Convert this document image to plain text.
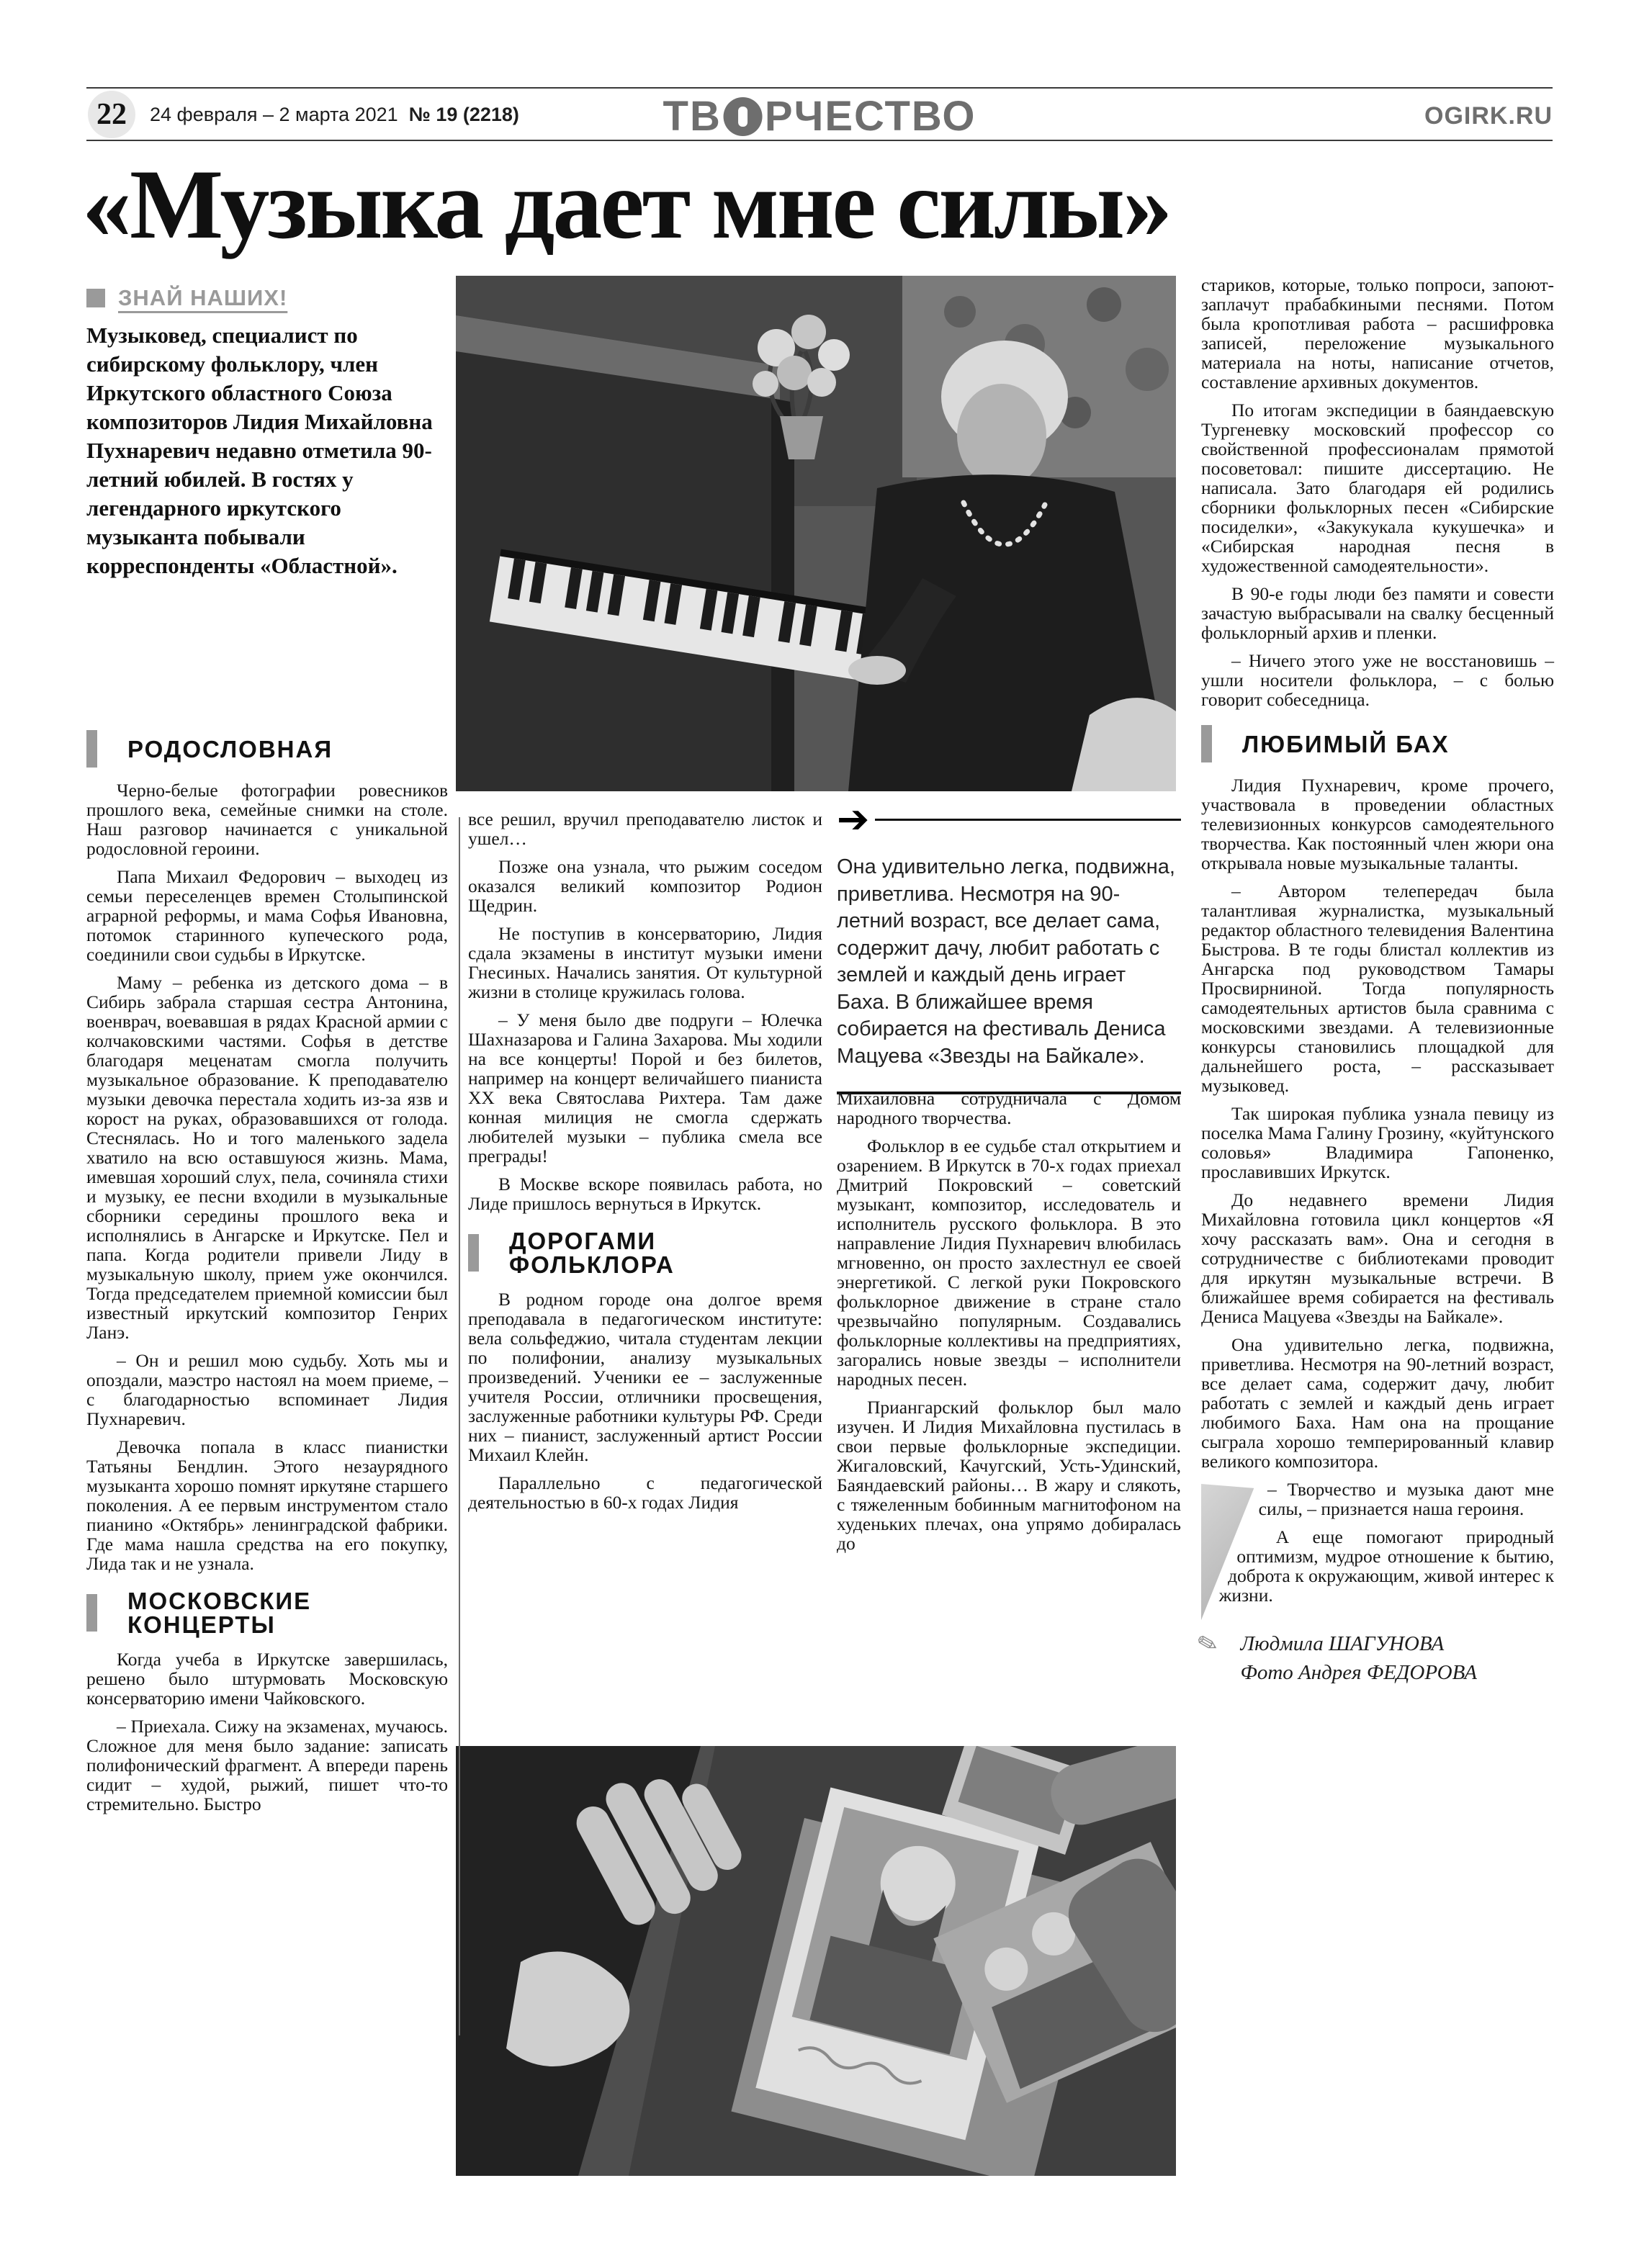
22 24 февраля – 2 марта 2021 № 19 (2218)	ТВ РЧЕСТВО	OGIRK.RU
«Музыка дает мне силы»
ЗНАЙ НАШИХ!
Музыковед, специалист по сибирскому фольклору, член Иркутского областного Союза композиторов Лидия Михайловна Пухнаревич недавно отметила 90-летний юбилей. В гостях у легендарного иркутского музыканта побывали корреспонденты «Областной».
➔
Она удивительно легка, подвижна, приветлива. Несмотря на 90-летний возраст, все делает сама, содержит дачу, любит работать с землей и каждый день играет Баха. В ближайшее время собирается на фестиваль Дениса Мацуева «Звезды на Байкале».
РОДОСЛОВНАЯ

Черно-белые фотографии ровесников прошлого века, семейные снимки на столе. Наш разговор начинается с уникальной родословной героини.

Папа Михаил Федорович – выходец из семьи переселенцев времен Столыпинской аграрной реформы, и мама Софья Ивановна, потомок старинного купеческого рода, соединили свои судьбы в Иркутске.

Маму – ребенка из детского дома – в Сибирь забрала старшая сестра Антонина, военврач, воевавшая в рядах Красной армии с колчаковскими частями. Софья в детстве благодаря меценатам смогла получить музыкальное образование. К преподавателю музыки девочка перестала ходить из-за язв и корост на руках, образовавшихся от голода. Стеснялась. Но и того маленького задела хватило на всю оставшуюся жизнь. Мама, имевшая хороший слух, пела, сочиняла стихи и музыку, ее песни входили в музыкальные сборники середины прошлого века и исполнялись в Ангарске и Иркутске. Пел и папа. Когда родители привели Лиду в музыкальную школу, прием уже окончился. Тогда председателем приемной комиссии был известный иркутский композитор Генрих Ланэ.

– Он и решил мою судьбу. Хоть мы и опоздали, маэстро настоял на моем приеме, – с благодарностью вспоминает Лидия Пухнаревич.

Девочка попала в класс пианистки Татьяны Бендлин. Этого незаурядного музыканта хорошо помнят иркутяне старшего поколения. А ее первым инструментом стало пианино «Октябрь» ленинградской фабрики. Где мама нашла средства на его покупку, Лида так и не узнала.

МОСКОВСКИЕ КОНЦЕРТЫ

Когда учеба в Иркутске завершилась, решено было штурмовать Московскую консерваторию имени Чайковского.

– Приехала. Сижу на экзаменах, мучаюсь. Сложное для меня было задание: записать полифонический фрагмент. А впереди парень сидит – худой, рыжий, пишет что-то стремительно. Быстро

все решил, вручил преподавателю листок и ушел…

Позже она узнала, что рыжим соседом оказался великий композитор Родион Щедрин.

Не поступив в консерваторию, Лидия сдала экзамены в институт музыки имени Гнесиных. Начались занятия. От культурной жизни в столице кружилась голова.

– У меня было две подруги – Юлечка Шахназарова и Галина Захарова. Мы ходили на все концерты! Порой и без билетов, например на концерт величайшего пианиста XX века Святослава Рихтера. Там даже конная милиция не смогла сдержать любителей музыки – публика смела все преграды!

В Москве вскоре появилась работа, но Лиде пришлось вернуться в Иркутск.

ДОРОГАМИ ФОЛЬКЛОРА

В родном городе она долгое время преподавала в педагогическом институте: вела сольфеджио, читала студентам лекции по полифонии, анализу музыкальных произведений. Ученики ее – заслуженные учителя России, отличники просвещения, заслуженные работники культуры РФ. Среди них – пианист, заслуженный артист России Михаил Клейн.

Параллельно с педагогической деятельностью в 60-х годах Лидия

Михайловна сотрудничала с Домом народного творчества.

Фольклор в ее судьбе стал открытием и озарением. В Иркутск в 70-х годах приехал Дмитрий Покровский – советский музыкант, композитор, исследователь и исполнитель русского фольклора. В это направление Лидия Пухнаревич влюбилась мгновенно, он просто захлестнул ее своей энергетикой. С легкой руки Покровского фольклорное движение в стране стало чрезвычайно популярным. Создавались фольклорные коллективы на предприятиях, загорались новые звезды – исполнители народных песен.

Приангарский фольклор был мало изучен. И Лидия Михайловна пустилась в свои первые фольклорные экспедиции. Жигаловский, Качугский, Усть-Удинский, Баяндаевский районы… В жару и слякоть, с тяжеленным бобинным магнитофоном на худеньких плечах, она упрямо добиралась до

стариков, которые, только попроси, запоют-заплачут прабабкиными песнями. Потом была кропотливая работа – расшифровка записей, переложение музыкального материала на ноты, написание отчетов, составление архивных документов.

По итогам экспедиции в баяндаевскую Тургеневку московский профессор со свойственной профессионалам прямотой посоветовал: пишите диссертацию. Не написала. Зато благодаря ей родились сборники фольклорных песен «Сибирские посиделки», «Закукукала кукушечка» и «Сибирская народная песня в художественной самодеятельности».

В 90-е годы люди без памяти и совести зачастую выбрасывали на свалку бесценный фольклорный архив и пленки.

– Ничего этого уже не восстановишь – ушли носители фольклора, – с болью говорит собеседница.

ЛЮБИМЫЙ БАХ

Лидия Пухнаревич, кроме прочего, участвовала в проведении областных телевизионных конкурсов самодеятельного творчества. Как постоянный член жюри она открывала новые музыкальные таланты.

– Автором телепередач была талантливая журналистка, музыкальный редактор областного телевидения Валентина Быстрова. В те годы блистал коллектив из Ангарска под руководством Тамары Просвирниной. Тогда популярность самодеятельных артистов была сравнима с московскими звездами. А телевизионные конкурсы становились площадкой для дальнейшего роста, – рассказывает музыковед.

Так широкая публика узнала певицу из поселка Мама Галину Грозину, «куйтунского соловья» Владимира Гапоненко, прославивших Иркутск.

До недавнего времени Лидия Михайловна готовила цикл концертов «Я хочу рассказать вам». Она и сегодня в сотрудничестве с библиотеками проводит для иркутян музыкальные встречи. В ближайшее время собирается на фестиваль Дениса Мацуева «Звезды на Байкале».

Она удивительно легка, подвижна, приветлива. Несмотря на 90-летний возраст, все делает сама, содержит дачу, любит работать с землей и каждый день играет любимого Баха. Нам она на прощание сыграла хорошо темперированный клавир великого композитора.

– Творчество и музыка дают мне силы, – признается наша героиня.

А еще помогают природный оптимизм, мудрое отношение к бытию, доброта к окружающим, живой интерес к жизни.

✎ Людмила ШАГУНОВА
Фото Андрея ФЕДОРОВА
